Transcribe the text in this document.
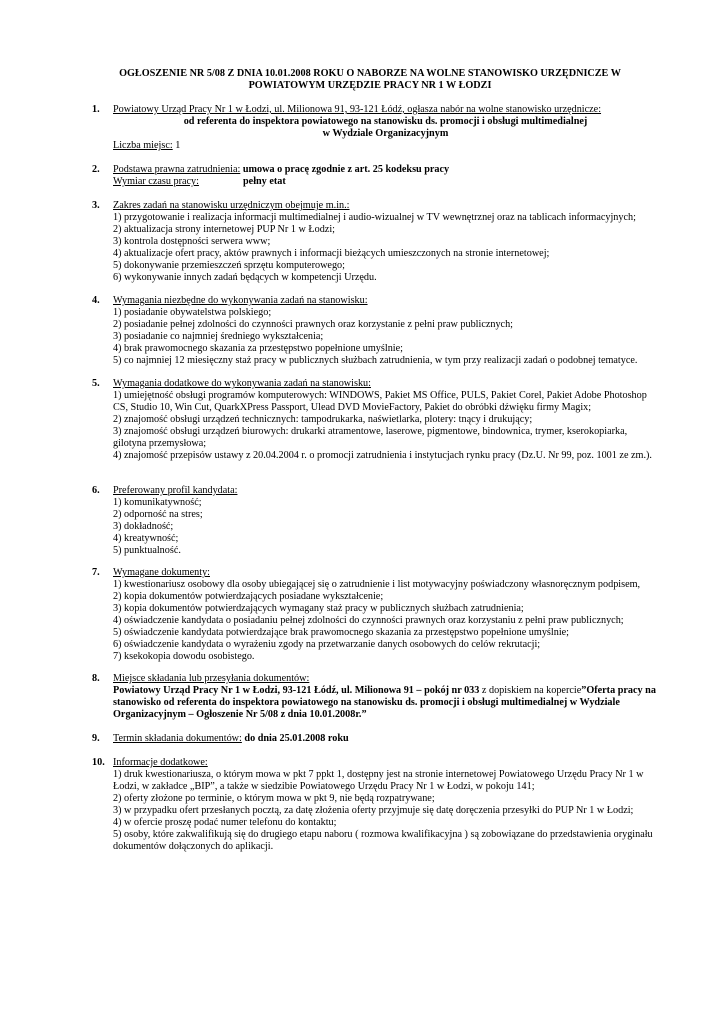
OGŁOSZENIE NR 5/08 Z DNIA 10.01.2008 ROKU O NABORZE NA WOLNE STANOWISKO URZĘDNICZE W
POWIATOWYM URZĘDZIE PRACY NR 1 W ŁODZI
1.	Powiatowy Urząd Pracy Nr 1 w Łodzi, ul. Milionowa 91, 93-121 Łódź, ogłasza nabór na wolne stanowisko urzędnicze:
od referenta do inspektora powiatowego na stanowisku ds. promocji i obsługi multimedialnej
w Wydziale Organizacyjnym
Liczba miejsc: 1
2.	Podstawa prawna zatrudnienia: umowa o pracę zgodnie z art. 25 kodeksu pracy
Wymiar czasu pracy:	pełny etat
3.	Zakres zadań na stanowisku urzędniczym obejmuje m.in.:
1) przygotowanie i realizacja informacji multimedialnej i audio-wizualnej w TV wewnętrznej oraz na tablicach informacyjnych;
2) aktualizacja strony internetowej PUP Nr 1 w Łodzi;
3) kontrola dostępności serwera www;
4) aktualizacje ofert pracy, aktów prawnych i informacji bieżących umieszczonych na stronie internetowej;
5) dokonywanie przemieszczeń sprzętu komputerowego;
6) wykonywanie innych zadań będących w kompetencji Urzędu.
4.	Wymagania niezbędne do wykonywania zadań na stanowisku:
1) posiadanie obywatelstwa polskiego;
2) posiadanie pełnej zdolności do czynności prawnych oraz korzystanie z pełni praw publicznych;
3) posiadanie co najmniej średniego wykształcenia;
4) brak prawomocnego skazania za przestępstwo popełnione umyślnie;
5) co najmniej 12 miesięczny staż pracy w publicznych służbach zatrudnienia, w tym przy realizacji zadań o podobnej tematyce.
5.	Wymagania dodatkowe do wykonywania zadań na stanowisku:
1) umiejętność obsługi programów komputerowych: WINDOWS, Pakiet MS Office, PULS, Pakiet Corel, Pakiet Adobe Photoshop CS, Studio 10, Win Cut, QuarkXPress Passport, Ulead DVD MovieFactory, Pakiet do obróbki dźwięku firmy Magix;
2) znajomość obsługi urządzeń technicznych: tampodrukarka, naświetlarka, plotery: tnący i drukujący;
3) znajomość obsługi urządzeń biurowych: drukarki atramentowe, laserowe, pigmentowe, bindownica, trymer, kserokopiarka, gilotyna przemysłowa;
4) znajomość przepisów ustawy z 20.04.2004 r. o promocji zatrudnienia i instytucjach rynku pracy (Dz.U. Nr 99, poz. 1001 ze zm.).
6.	Preferowany profil kandydata:
1) komunikatywność;
2) odporność na stres;
3) dokładność;
4) kreatywność;
5) punktualność.
7.	Wymagane dokumenty:
1) kwestionariusz osobowy dla osoby ubiegającej się o zatrudnienie i list motywacyjny poświadczony własnoręcznym podpisem,
2) kopia dokumentów potwierdzających posiadane wykształcenie;
3) kopia dokumentów potwierdzających wymagany staż pracy w publicznych służbach zatrudnienia;
4) oświadczenie kandydata o posiadaniu pełnej zdolności do czynności prawnych oraz korzystaniu z pełni praw publicznych;
5) oświadczenie kandydata potwierdzające brak prawomocnego skazania za przestępstwo popełnione umyślnie;
6) oświadczenie kandydata o wyrażeniu zgody na przetwarzanie danych osobowych do celów rekrutacji;
7) ksekokopia dowodu osobistego.
8.	Miejsce składania lub przesyłania dokumentów:
Powiatowy Urząd Pracy Nr 1 w Łodzi, 93-121 Łódź, ul. Milionowa 91 – pokój nr 033 z dopiskiem na kopercie”Oferta pracy na stanowisko od referenta do inspektora powiatowego na stanowisku ds. promocji i obsługi multimedialnej w Wydziale Organizacyjnym – Ogłoszenie Nr 5/08 z dnia 10.01.2008r.”
9.	Termin składania dokumentów: do dnia 25.01.2008 roku
10. Informacje dodatkowe:
1) druk kwestionariusza, o którym mowa w pkt 7 ppkt 1, dostępny jest na stronie internetowej Powiatowego Urzędu Pracy Nr 1 w Łodzi, w zakładce „BIP”, a także w siedzibie Powiatowego Urzędu Pracy Nr 1 w Łodzi, w pokoju 141;
2) oferty złożone po terminie, o którym mowa w pkt 9, nie będą rozpatrywane;
3) w przypadku ofert przesłanych pocztą, za datę złożenia oferty przyjmuje się datę doręczenia przesyłki do PUP Nr 1 w Łodzi;
4) w ofercie proszę podać numer telefonu do kontaktu;
5) osoby, które zakwalifikują się do drugiego etapu naboru ( rozmowa kwalifikacyjna ) są zobowiązane do przedstawienia oryginału dokumentów dołączonych do aplikacji.
